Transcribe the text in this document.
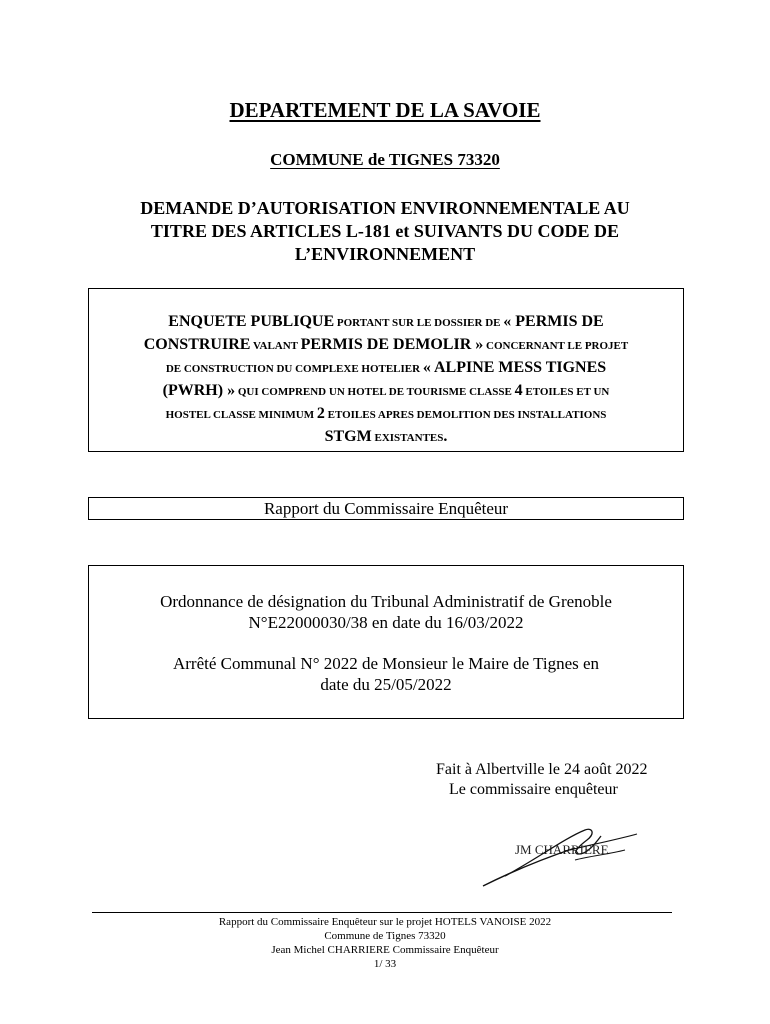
DEPARTEMENT DE LA SAVOIE
COMMUNE de TIGNES 73320
DEMANDE D’AUTORISATION ENVIRONNEMENTALE AU
TITRE DES ARTICLES L-181 et SUIVANTS DU CODE DE
L’ENVIRONNEMENT
ENQUETE PUBLIQUE PORTANT SUR LE DOSSIER DE « PERMIS DE
CONSTRUIRE VALANT PERMIS DE DEMOLIR » CONCERNANT LE PROJET
DE CONSTRUCTION DU COMPLEXE HOTELIER « ALPINE MESS TIGNES
(PWRH) » QUI COMPREND UN HOTEL DE TOURISME CLASSE 4 ETOILES ET UN
HOSTEL CLASSE MINIMUM 2 ETOILES APRES DEMOLITION DES INSTALLATIONS
STGM EXISTANTES.
Rapport du Commissaire Enquêteur
Ordonnance de désignation du Tribunal Administratif de Grenoble
N°E22000030/38 en date du 16/03/2022
Arrêté Communal N° 2022 de Monsieur le Maire de Tignes en
date du 25/05/2022
Fait à Albertville le 24 août 2022
Le commissaire enquêteur
JM CHARRIERE
Rapport du Commissaire Enquêteur sur le projet HOTELS VANOISE 2022
Commune de Tignes 73320
Jean Michel CHARRIERE Commissaire Enquêteur
1/ 33
